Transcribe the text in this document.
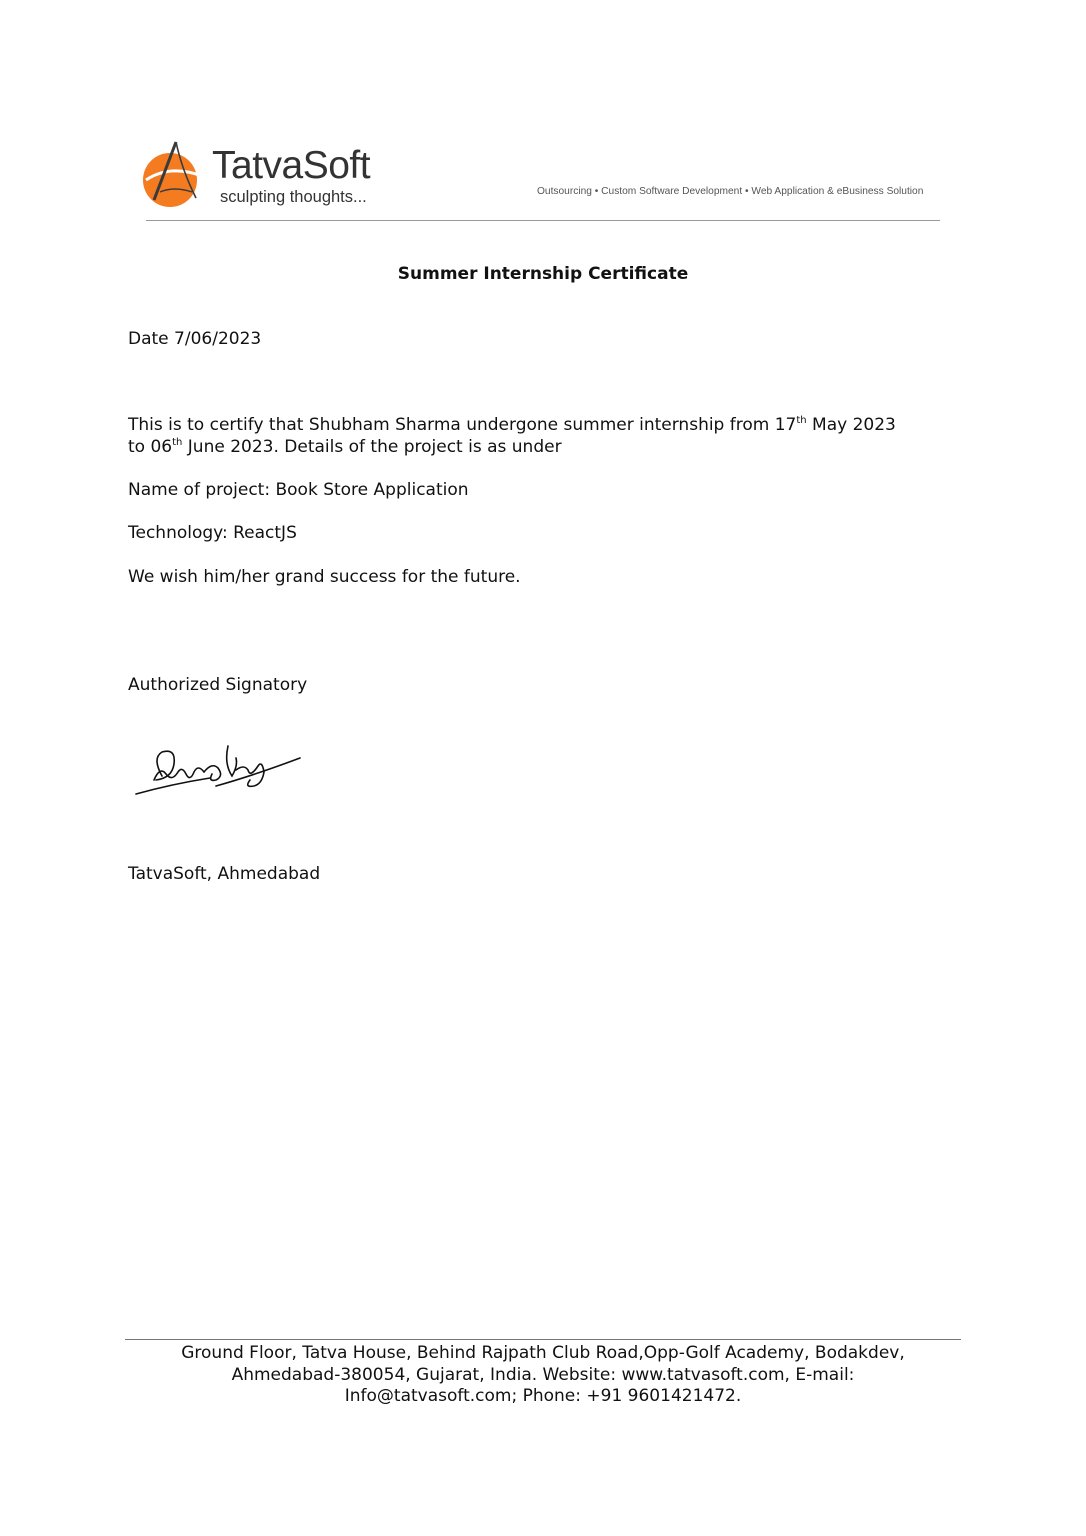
TatvaSoft
sculpting thoughts...	Outsourcing • Custom Software Development • Web Application & eBusiness Solution
Summer Internship Certificate
Date 7/06/2023
This is to certify that Shubham Sharma undergone summer internship from 17th May 2023
to 06th June 2023. Details of the project is as under
Name of project: Book Store Application
Technology: ReactJS
We wish him/her grand success for the future.
Authorized Signatory
TatvaSoft, Ahmedabad
Ground Floor, Tatva House, Behind Rajpath Club Road,Opp-Golf Academy, Bodakdev,
Ahmedabad-380054, Gujarat, India. Website: www.tatvasoft.com, E-mail:
Info@tatvasoft.com; Phone: +91 9601421472.
